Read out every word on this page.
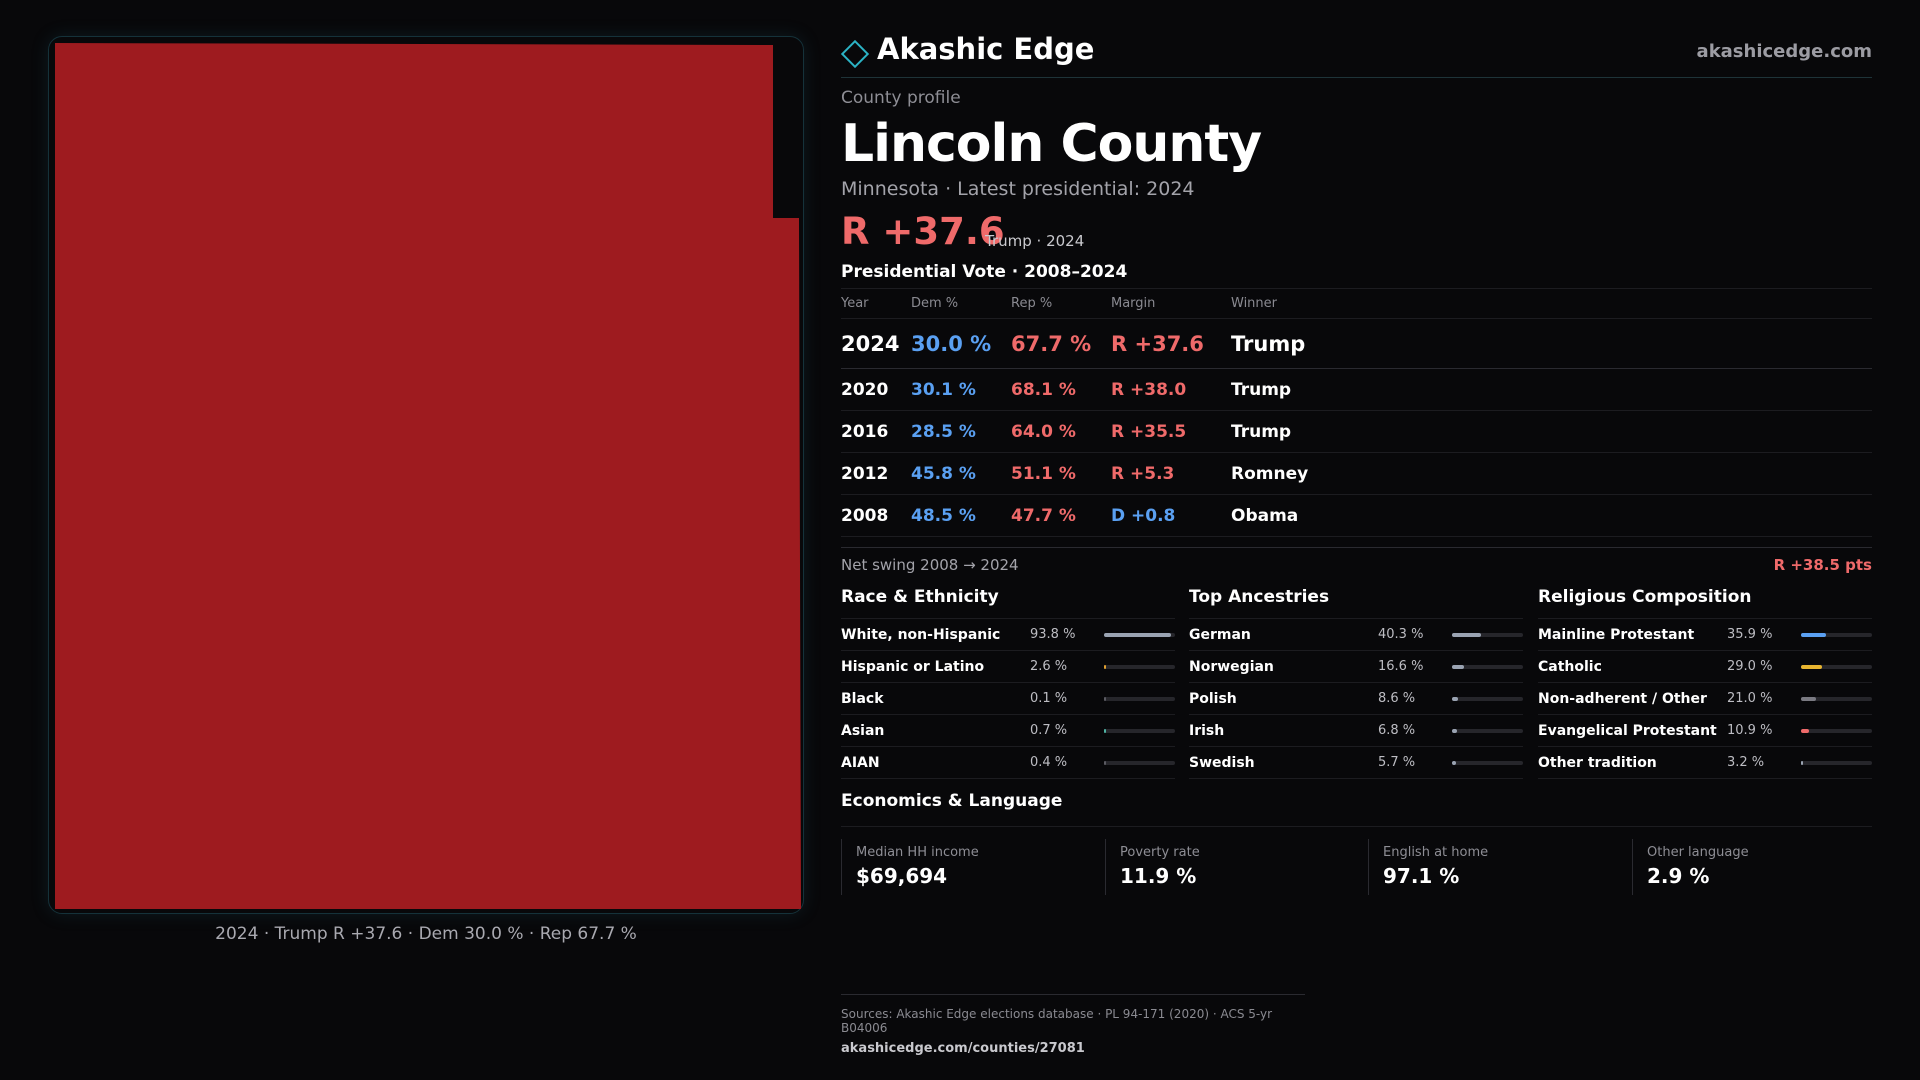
2024 · Trump R +37.6 · Dem 30.0 % · Rep 67.7 %
Akashic Edge	akashicedge.com
County profile
Lincoln County
Minnesota · Latest presidential: 2024
R +37.6
Trump · 2024
Presidential Vote · 2008–2024
Year	Dem %	Rep %	Margin	Winner
2024	30.0 %	67.7 %	R +37.6	Trump
2020	30.1 %	68.1 %	R +38.0	Trump
2016	28.5 %	64.0 %	R +35.5	Trump
2012	45.8 %	51.1 %	R +5.3	Romney
2008	48.5 %	47.7 %	D +0.8	Obama
Net swing 2008 → 2024	R +38.5 pts
Race & Ethnicity
White, non-Hispanic 93.8 %
Hispanic or Latino	2.6 %
Black	0.1 %
Asian	0.7 %
AIAN	0.4 %
Top Ancestries
German	40.3 %
Norwegian	16.6 %
Polish	8.6 %
Irish	6.8 %
Swedish	5.7 %
Religious Composition
Mainline Protestant	35.9 %
Catholic	29.0 %
Non-adherent / Other 21.0 %
Evangelical Protestant 10.9 %
Other tradition	3.2 %
Economics & Language
Median HH income
$69,694
Poverty rate
11.9 %
English at home
97.1 %
Other language
2.9 %
Sources: Akashic Edge elections database · PL 94-171 (2020) · ACS 5-yr B04006
akashicedge.com/counties/27081
